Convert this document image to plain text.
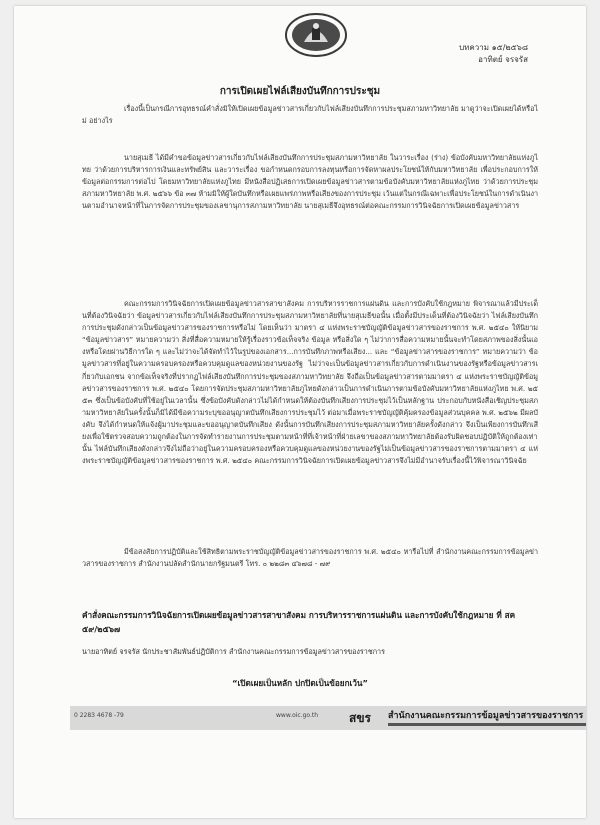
บทความ ๑๕/๒๕๖๘
อาทิตย์ จรจรัส
การเปิดเผยไฟล์เสียงบันทึกการประชุม

เรื่องนี้เป็นกรณีการอุทธรณ์คำสั่งมิให้เปิดเผยข้อมูลข่าวสารเกี่ยวกับไฟล์เสียงบันทึกการประชุมสภามหาวิทยาลัย มาดูว่าจะเปิดเผยได้หรือไม่ อย่างไร

นายสุเมธี ได้มีคำขอข้อมูลข่าวสารเกี่ยวกับไฟล์เสียงบันทึกการประชุมสภามหาวิทยาลัย ในวาระเรื่อง (ร่าง) ข้อบังคับมหาวิทยาลัยแห่งภูไทย ว่าด้วยการบริหารการเงินและทรัพย์สิน และวาระเรื่อง ขอกำหนดกรอบการลงทุนหรือการจัดหาผลประโยชน์ให้กับมหาวิทยาลัย เพื่อประกอบการให้ข้อมูลต่อกรรมการต่อไป โดยมหาวิทยาลัยแห่งภูไทย มีหนังสือปฏิเสธการเปิดเผยข้อมูลข่าวสารตามข้อบังคับมหาวิทยาลัยแห่งภูไทย ว่าด้วยการประชุมสภามหาวิทยาลัย พ.ศ. ๒๕๖๖ ข้อ ๓๗ ห้ามมิให้ผู้ใดบันทึกหรือเผยแพร่ภาพหรือเสียงของการประชุม เว้นแต่ในกรณีเฉพาะเพื่อประโยชน์ในการดำเนินงานตามอำนาจหน้าที่ในการจัดการประชุมของเลขานุการสภามหาวิทยาลัย นายสุเมธีจึงอุทธรณ์ต่อคณะกรรมการวินิจฉัยการเปิดเผยข้อมูลข่าวสาร

คณะกรรมการวินิจฉัยการเปิดเผยข้อมูลข่าวสารสาขาสังคม การบริหารราชการแผ่นดิน และการบังคับใช้กฎหมาย พิจารณาแล้วมีประเด็นที่ต้องวินิจฉัยว่า ข้อมูลข่าวสารเกี่ยวกับไฟล์เสียงบันทึกการประชุมสภามหาวิทยาลัยที่นายสุเมธีขอนั้น เมื่อตั้งมีประเด็นที่ต้องวินิจฉัยว่า ไฟล์เสียงบันทึกการประชุมดังกล่าวเป็นข้อมูลข่าวสารของราชการหรือไม่ โดยเห็นว่า มาตรา ๔ แห่งพระราชบัญญัติข้อมูลข่าวสารของราชการ พ.ศ. ๒๕๔๐ ให้นิยาม “ข้อมูลข่าวสาร” หมายความว่า สิ่งที่สื่อความหมายให้รู้เรื่องราวข้อเท็จจริง ข้อมูล หรือสิ่งใด ๆ ไม่ว่าการสื่อความหมายนั้นจะทำโดยสภาพของสิ่งนั้นเองหรือโดยผ่านวิธีการใด ๆ และไม่ว่าจะได้จัดทำไว้ในรูปของเอกสาร...การบันทึกภาพหรือเสียง... และ “ข้อมูลข่าวสารของราชการ” หมายความว่า ข้อมูลข่าวสารที่อยู่ในความครอบครองหรือควบคุมดูแลของหน่วยงานของรัฐ ไม่ว่าจะเป็นข้อมูลข่าวสารเกี่ยวกับการดำเนินงานของรัฐหรือข้อมูลข่าวสารเกี่ยวกับเอกชน จากข้อเท็จจริงที่ปรากฏไฟล์เสียงบันทึกการประชุมของสภามหาวิทยาลัย จึงถือเป็นข้อมูลข่าวสารตามมาตรา ๔ แห่งพระราชบัญญัติข้อมูลข่าวสารของราชการ พ.ศ. ๒๕๔๐ โดยการจัดประชุมสภามหาวิทยาลัยภูไทยดังกล่าวเป็นการดำเนินการตามข้อบังคับมหาวิทยาลัยแห่งภูไทย พ.ศ. ๒๕๕๓ ซึ่งเป็นข้อบังคับที่ใช้อยู่ในเวลานั้น ซึ่งข้อบังคับดังกล่าวไม่ได้กำหนดให้ต้องบันทึกเสียงการประชุมไว้เป็นหลักฐาน ประกอบกับหนังสือเชิญประชุมสภามหาวิทยาลัยในครั้งนั้นก็มิได้มีข้อความระบุขออนุญาตบันทึกเสียงการประชุมไว้ ต่อมาเมื่อพระราชบัญญัติคุ้มครองข้อมูลส่วนบุคคล พ.ศ. ๒๕๖๒ มีผลบังคับ จึงได้กำหนดให้แจ้งผู้มาประชุมและขออนุญาตบันทึกเสียง ดังนั้นการบันทึกเสียงการประชุมสภามหาวิทยาลัยครั้งดังกล่าว จึงเป็นเพียงการบันทึกเสียงเพื่อใช้ตรวจสอบความถูกต้องในการจัดทำรายงานการประชุมตามหน้าที่ที่เจ้าหน้าที่ฝ่ายเลขาของสภามหาวิทยาลัยต้องรับผิดชอบปฏิบัติให้ถูกต้องเท่านั้น ไฟล์บันทึกเสียงดังกล่าวจึงไม่ถือว่าอยู่ในความครอบครองหรือควบคุมดูแลของหน่วยงานของรัฐไม่เป็นข้อมูลข่าวสารของราชการตามมาตรา ๔ แห่งพระราชบัญญัติข้อมูลข่าวสารของราชการ พ.ศ. ๒๕๔๐ คณะกรรมการวินิจฉัยการเปิดเผยข้อมูลข่าวสารจึงไม่มีอำนาจรับเรื่องนี้ไว้พิจารณาวินิจฉัย

มีข้อสงสัยการปฏิบัติและใช้สิทธิตามพระราชบัญญัติข้อมูลข่าวสารของราชการ พ.ศ. ๒๕๔๐ หารือไปที่ สำนักงานคณะกรรมการข้อมูลข่าวสารของราชการ สำนักงานปลัดสำนักนายกรัฐมนตรี โทร. ๐ ๒๒๘๓ ๔๖๗๘ - ๗๙

คำสั่งคณะกรรมการวินิจฉัยการเปิดเผยข้อมูลข่าวสารสาขาสังคม การบริหารราชการแผ่นดิน และการบังคับใช้กฎหมาย ที่ สค ๕๙/๒๕๖๗
นายอาทิตย์ จรจรัส นักประชาสัมพันธ์ปฏิบัติการ สำนักงานคณะกรรมการข้อมูลข่าวสารของราชการ
“เปิดเผยเป็นหลัก ปกปิดเป็นข้อยกเว้น”
0 2283 4678 -79	www.oic.go.th	สขร	สำนักงานคณะกรรมการข้อมูลข่าวสารของราชการ
